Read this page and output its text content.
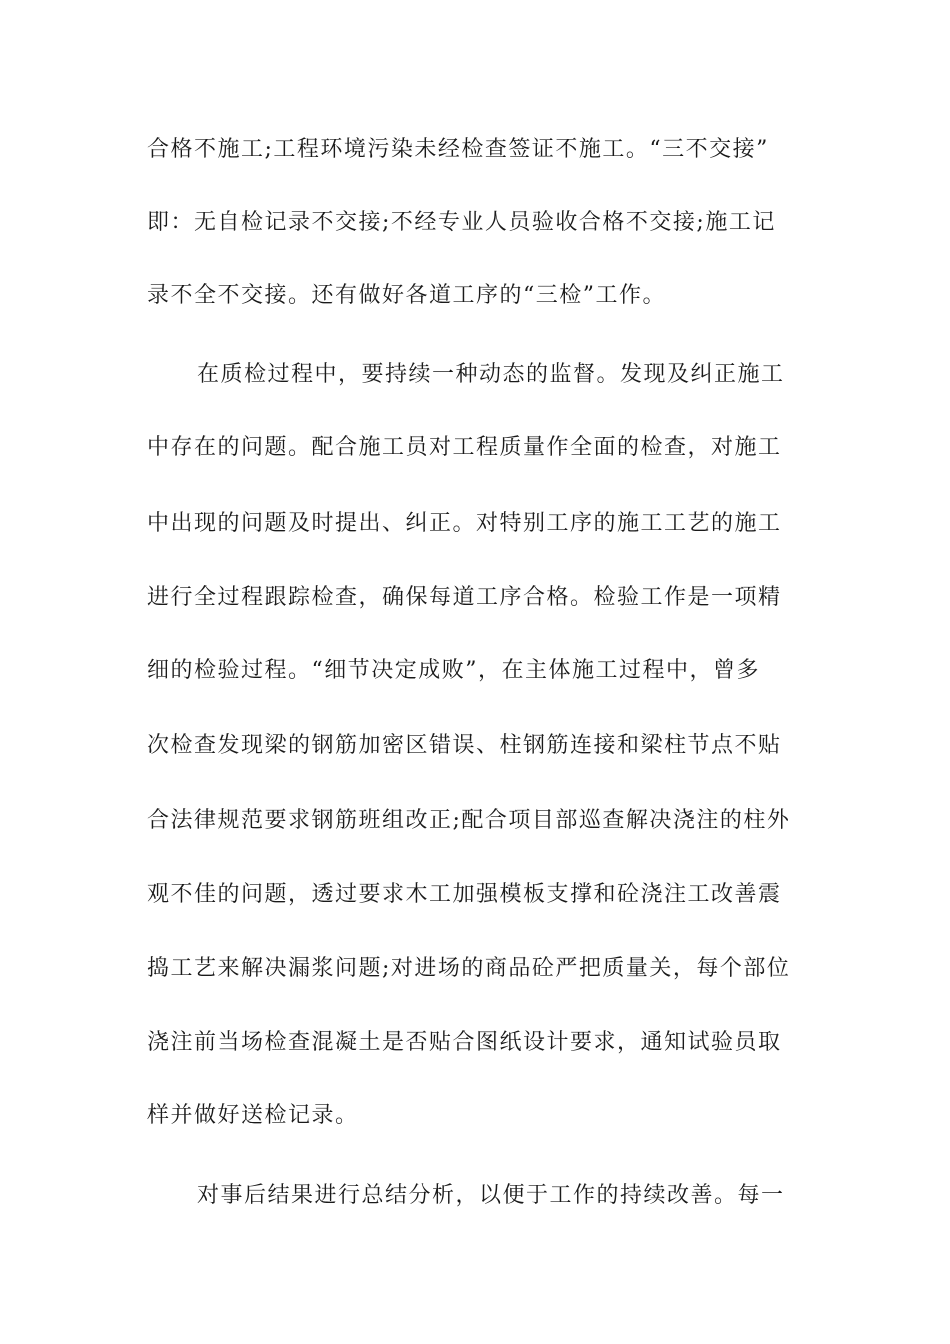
合格不施工;工程环境污染未经检查签证不施工。“三不交接”
即：无自检记录不交接;不经专业人员验收合格不交接;施工记
录不全不交接。还有做好各道工序的“三检”工作。
在质检过程中，要持续一种动态的监督。发现及纠正施工
中存在的问题。配合施工员对工程质量作全面的检查，对施工
中出现的问题及时提出、纠正。对特别工序的施工工艺的施工
进行全过程跟踪检查，确保每道工序合格。检验工作是一项精
细的检验过程。“细节决定成败”，在主体施工过程中，曾多
次检查发现梁的钢筋加密区错误、柱钢筋连接和梁柱节点不贴
合法律规范要求钢筋班组改正;配合项目部巡查解决浇注的柱外
观不佳的问题，透过要求木工加强模板支撑和砼浇注工改善震
捣工艺来解决漏浆问题;对进场的商品砼严把质量关，每个部位
浇注前当场检查混凝土是否贴合图纸设计要求，通知试验员取
样并做好送检记录。
对事后结果进行总结分析，以便于工作的持续改善。每一
